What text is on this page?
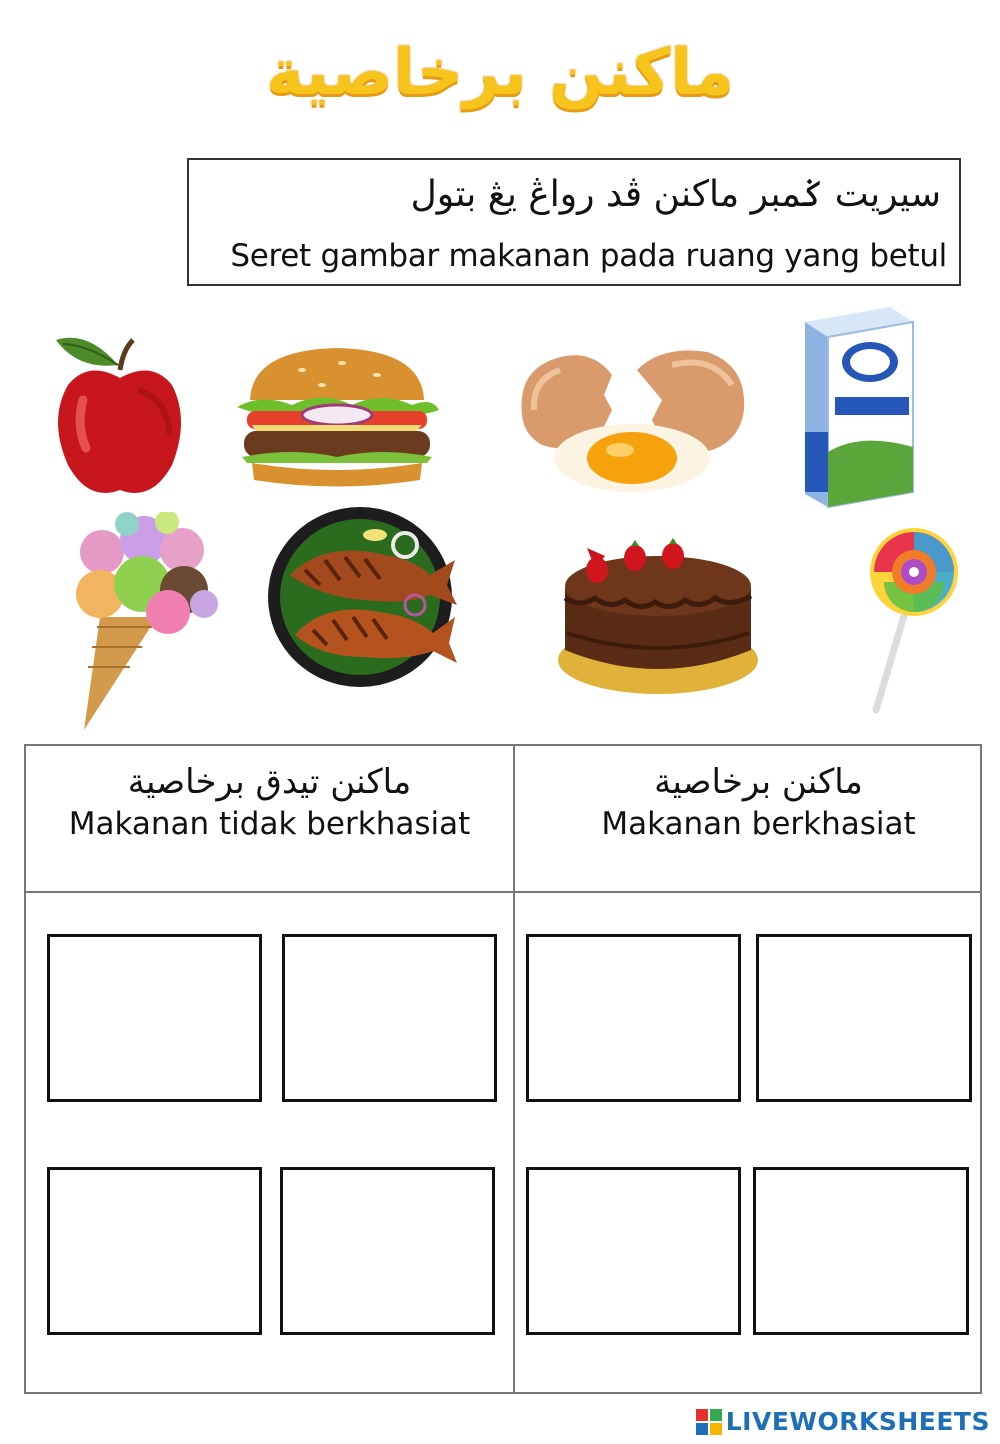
ماكنن برخاصية
سيريت ݢمبر ماكنن ڤد رواڠ يڠ بتول
Seret gambar makanan pada ruang yang betul
ماكنن تيدق برخاصية
Makanan tidak berkhasiat
ماكنن برخاصية
Makanan berkhasiat
LIVEWORKSHEETS
